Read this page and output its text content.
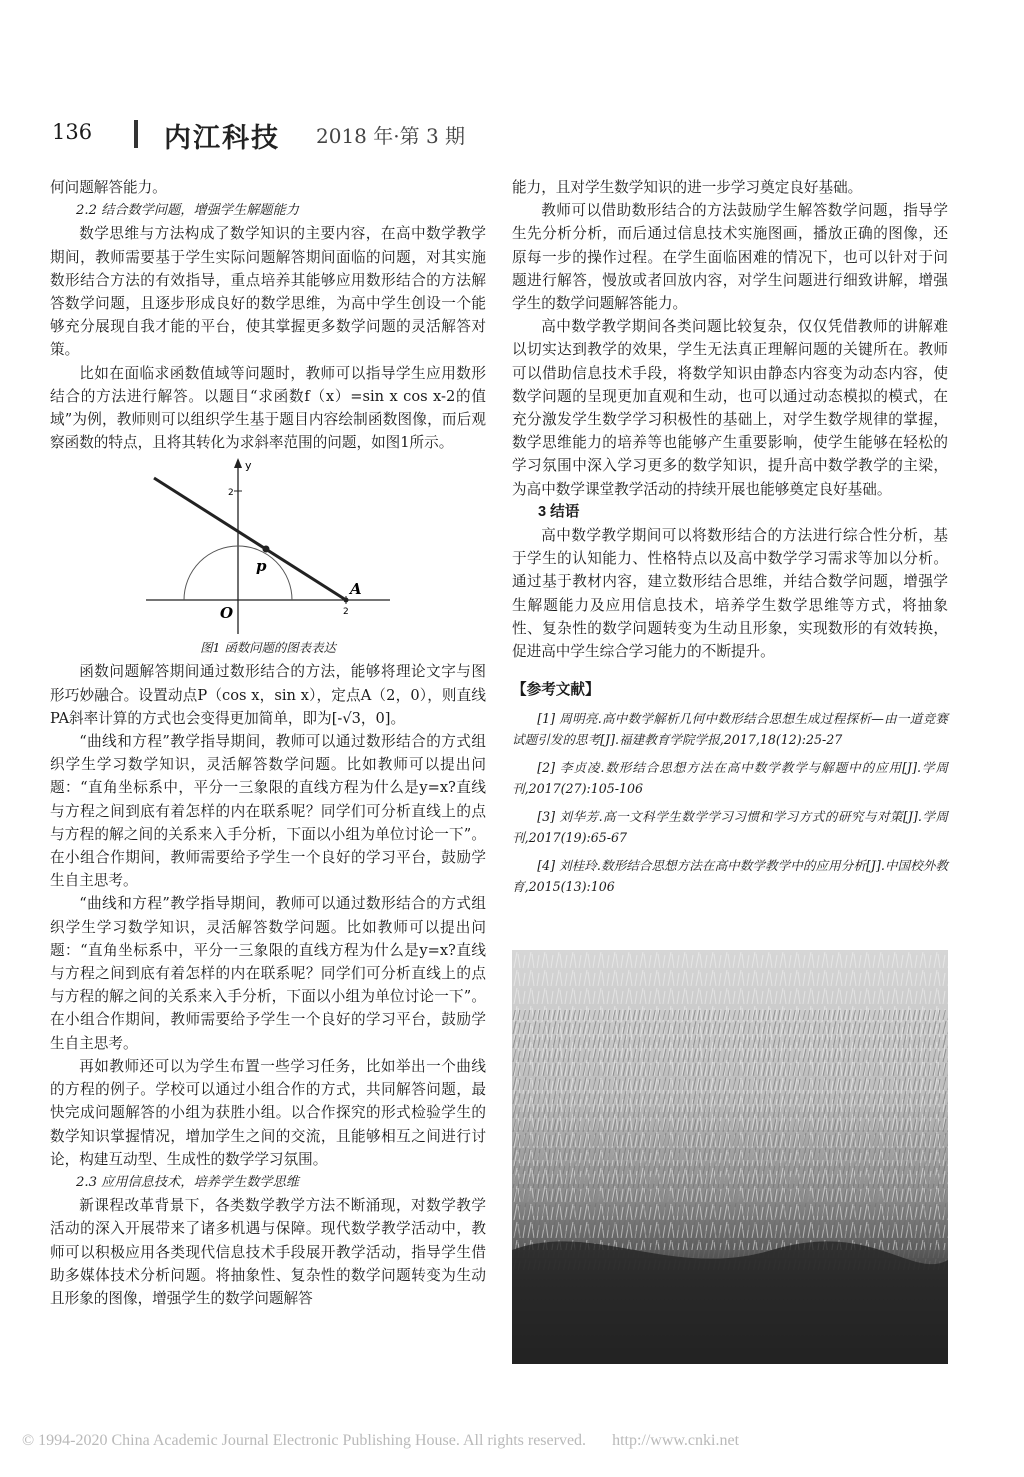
136	内江科技 2018 年·第 3 期

何问题解答能力。

2.2 结合数学问题，增强学生解题能力

数学思维与方法构成了数学知识的主要内容，在高中数学教学期间，教师需要基于学生实际问题解答期间面临的问题，对其实施数形结合方法的有效指导，重点培养其能够应用数形结合的方法解答数学问题，且逐步形成良好的数学思维，为高中学生创设一个能够充分展现自我才能的平台，使其掌握更多数学问题的灵活解答对策。

比如在面临求函数值域等问题时，教师可以指导学生应用数形结合的方法进行解答。以题目“求函数f（x）=sin x cos x-2的值域”为例，教师则可以组织学生基于题目内容绘制函数图像，而后观察函数的特点，且将其转化为求斜率范围的问题，如图1所示。

y
2
2
p
A
O
图1 函数问题的图表表达

函数问题解答期间通过数形结合的方法，能够将理论文字与图形巧妙融合。设置动点P（cos x，sin x），定点A（2，0），则直线PA斜率计算的方式也会变得更加简单，即为[-√3，0]。

“曲线和方程”教学指导期间，教师可以通过数形结合的方式组织学生学习数学知识，灵活解答数学问题。比如教师可以提出问题：“直角坐标系中，平分一三象限的直线方程为什么是y=x?直线与方程之间到底有着怎样的内在联系呢？同学们可分析直线上的点与方程的解之间的关系来入手分析，下面以小组为单位讨论一下”。在小组合作期间，教师需要给予学生一个良好的学习平台，鼓励学生自主思考。

“曲线和方程”教学指导期间，教师可以通过数形结合的方式组织学生学习数学知识，灵活解答数学问题。比如教师可以提出问题：“直角坐标系中，平分一三象限的直线方程为什么是y=x?直线与方程之间到底有着怎样的内在联系呢？同学们可分析直线上的点与方程的解之间的关系来入手分析，下面以小组为单位讨论一下”。在小组合作期间，教师需要给予学生一个良好的学习平台，鼓励学生自主思考。

再如教师还可以为学生布置一些学习任务，比如举出一个曲线的方程的例子。学校可以通过小组合作的方式，共同解答问题，最快完成问题解答的小组为获胜小组。以合作探究的形式检验学生的数学知识掌握情况，增加学生之间的交流，且能够相互之间进行讨论，构建互动型、生成性的数学学习氛围。

2.3 应用信息技术，培养学生数学思维

新课程改革背景下，各类数学教学方法不断涌现，对数学教学活动的深入开展带来了诸多机遇与保障。现代数学教学活动中，教师可以积极应用各类现代信息技术手段展开教学活动，指导学生借助多媒体技术分析问题。将抽象性、复杂性的数学问题转变为生动且形象的图像，增强学生的数学问题解答

能力，且对学生数学知识的进一步学习奠定良好基础。

教师可以借助数形结合的方法鼓励学生解答数学问题，指导学生先分析分析，而后通过信息技术实施图画，播放正确的图像，还原每一步的操作过程。在学生面临困难的情况下，也可以针对于问题进行解答，慢放或者回放内容，对学生问题进行细致讲解，增强学生的数学问题解答能力。

高中数学教学期间各类问题比较复杂，仅仅凭借教师的讲解难以切实达到教学的效果，学生无法真正理解问题的关键所在。教师可以借助信息技术手段，将数学知识由静态内容变为动态内容，使数学问题的呈现更加直观和生动，也可以通过动态模拟的模式，在充分激发学生数学学习积极性的基础上，对学生数学规律的掌握，数学思维能力的培养等也能够产生重要影响，使学生能够在轻松的学习氛围中深入学习更多的数学知识，提升高中数学教学的主梁，为高中数学课堂教学活动的持续开展也能够奠定良好基础。

3 结语

高中数学教学期间可以将数形结合的方法进行综合性分析，基于学生的认知能力、性格特点以及高中数学学习需求等加以分析。通过基于教材内容，建立数形结合思维，并结合数学问题，增强学生解题能力及应用信息技术，培养学生数学思维等方式，将抽象性、复杂性的数学问题转变为生动且形象，实现数形的有效转换，促进高中学生综合学习能力的不断提升。

【参考文献】
[1] 周明亮.高中数学解析几何中数形结合思想生成过程探析—由一道竞赛试题引发的思考[J].福建教育学院学报,2017,18(12):25-27
[2] 李贞凌.数形结合思想方法在高中数学教学与解题中的应用[J].学周刊,2017(27):105-106
[3] 刘华芳.高一文科学生数学学习习惯和学习方式的研究与对策[J].学周刊,2017(19):65-67
[4] 刘桂玲.数形结合思想方法在高中数学教学中的应用分析[J].中国校外教育,2015(13):106
© 1994-2020 China Academic Journal Electronic Publishing House. All rights reserved. http://www.cnki.net
